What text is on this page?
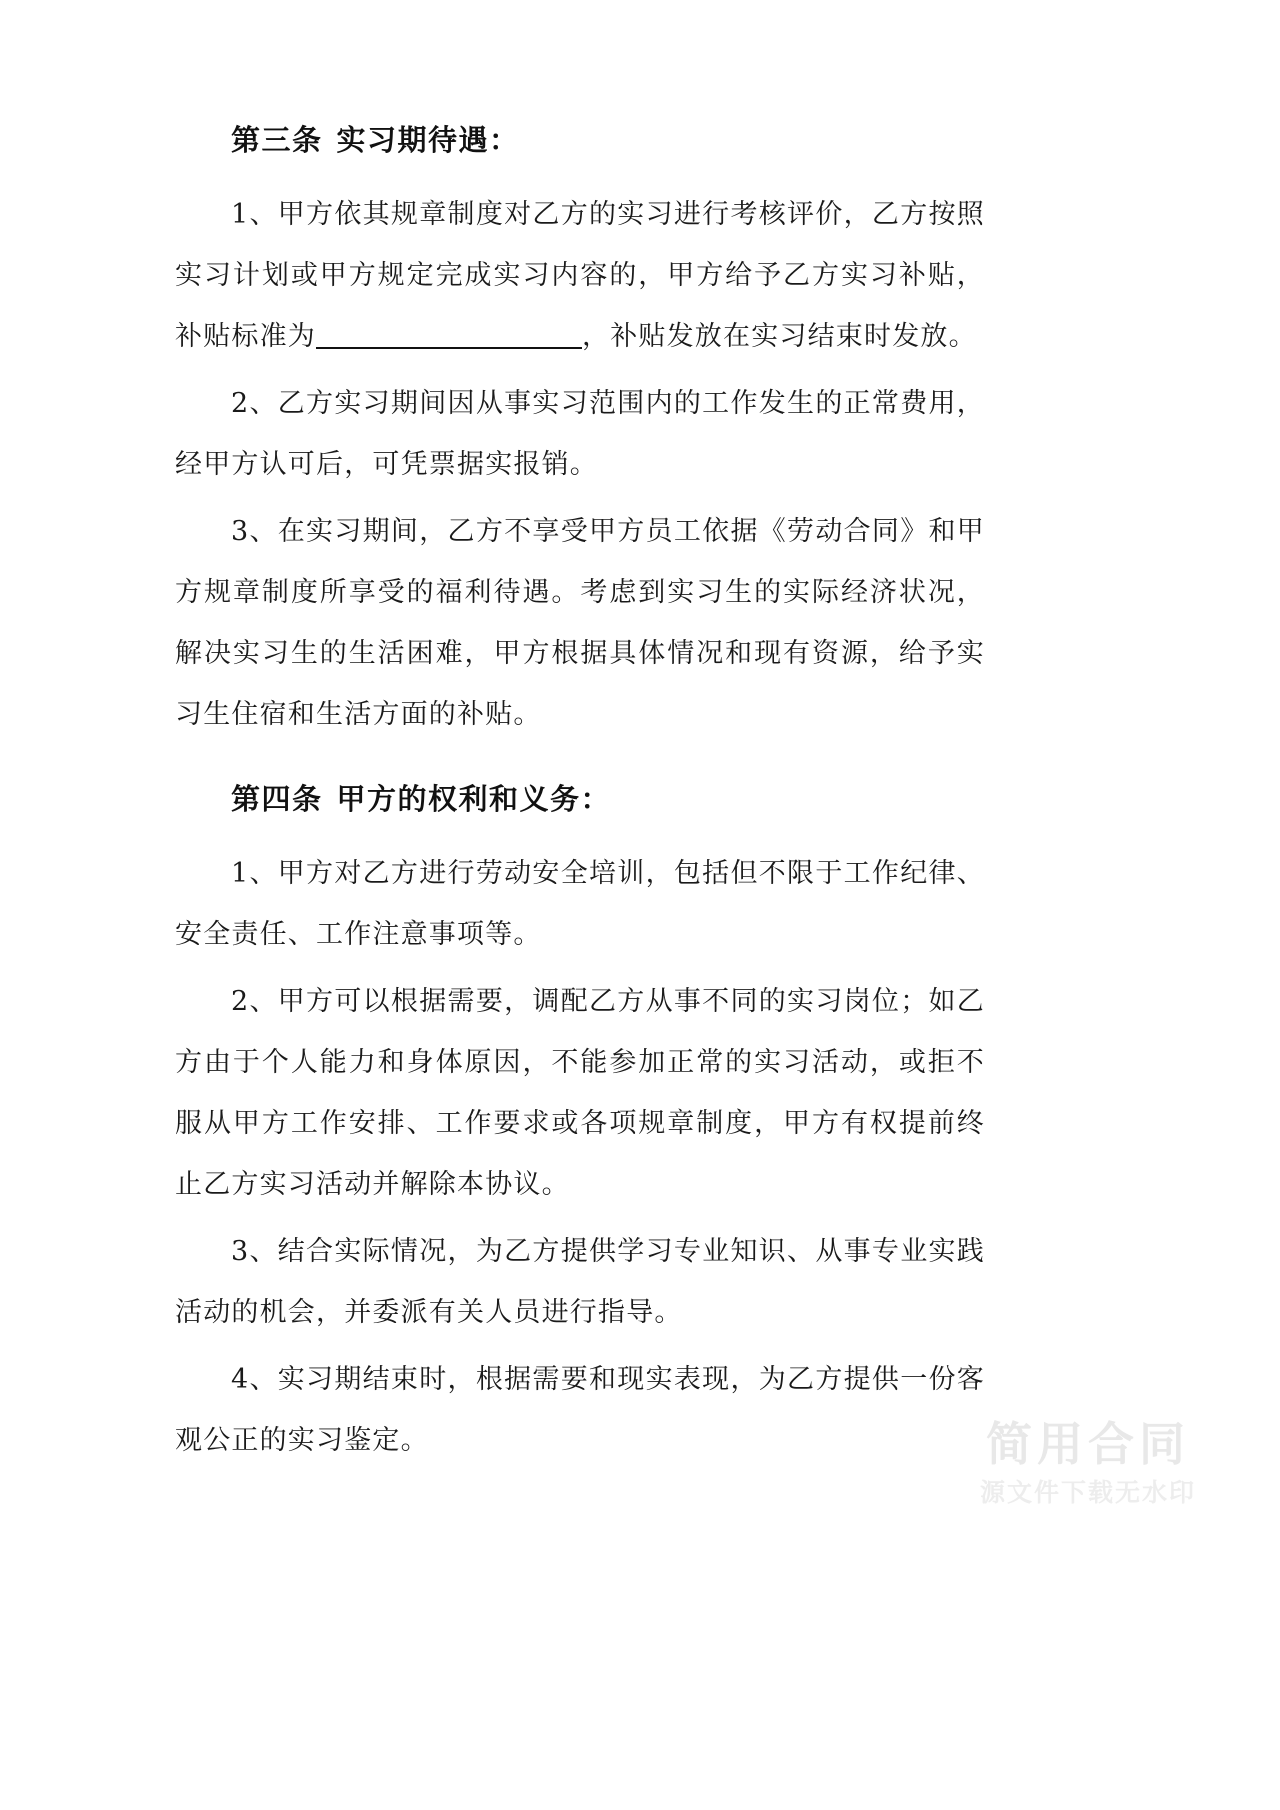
第三条 实习期待遇：

1、甲方依其规章制度对乙方的实习进行考核评价，乙方按照实习计划或甲方规定完成实习内容的，甲方给予乙方实习补贴，补贴标准为	，补贴发放在实习结束时发放。

2、乙方实习期间因从事实习范围内的工作发生的正常费用，经甲方认可后，可凭票据实报销。

3、在实习期间，乙方不享受甲方员工依据《劳动合同》和甲方规章制度所享受的福利待遇。考虑到实习生的实际经济状况，解决实习生的生活困难，甲方根据具体情况和现有资源，给予实习生住宿和生活方面的补贴。

第四条 甲方的权利和义务：

1、甲方对乙方进行劳动安全培训，包括但不限于工作纪律、安全责任、工作注意事项等。

2、甲方可以根据需要，调配乙方从事不同的实习岗位；如乙方由于个人能力和身体原因，不能参加正常的实习活动，或拒不服从甲方工作安排、工作要求或各项规章制度，甲方有权提前终止乙方实习活动并解除本协议。

3、结合实际情况，为乙方提供学习专业知识、从事专业实践活动的机会，并委派有关人员进行指导。

4、实习期结束时，根据需要和现实表现，为乙方提供一份客观公正的实习鉴定。	简用合同
源文件下载无水印
